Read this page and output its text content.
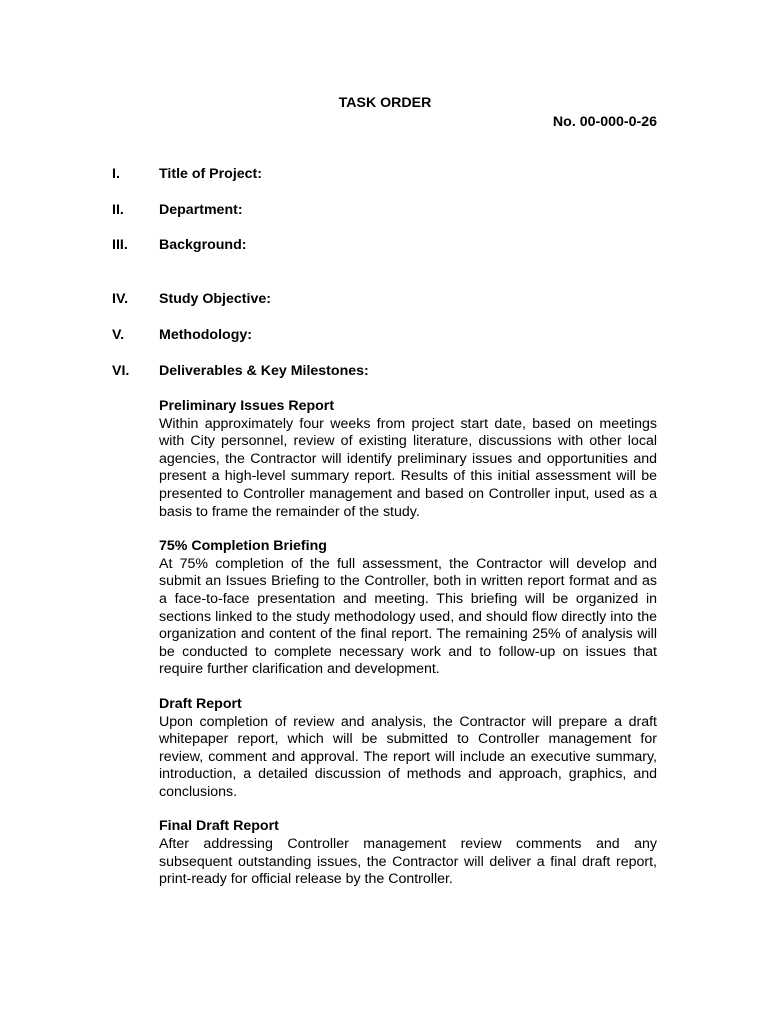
TASK ORDER
No. 00-000-0-26
I.	Title of Project:
II. Department:
III. Background:
IV. Study Objective:
V. Methodology:
VI. Deliverables & Key Milestones:

Preliminary Issues Report

Within approximately four weeks from project start date, based on meetings with City personnel, review of existing literature, discussions with other local agencies, the Contractor will identify preliminary issues and opportunities and present a high-level summary report. Results of this initial assessment will be presented to Controller management and based on Controller input, used as a basis to frame the remainder of the study.

75% Completion Briefing

At 75% completion of the full assessment, the Contractor will develop and submit an Issues Briefing to the Controller, both in written report format and as a face-to-face presentation and meeting. This briefing will be organized in sections linked to the study methodology used, and should flow directly into the organization and content of the final report. The remaining 25% of analysis will be conducted to complete necessary work and to follow-up on issues that require further clarification and development.

Draft Report

Upon completion of review and analysis, the Contractor will prepare a draft whitepaper report, which will be submitted to Controller management for review, comment and approval. The report will include an executive summary, introduction, a detailed discussion of methods and approach, graphics, and conclusions.

Final Draft Report

After addressing Controller management review comments and any subsequent outstanding issues, the Contractor will deliver a final draft report, print-ready for official release by the Controller.
